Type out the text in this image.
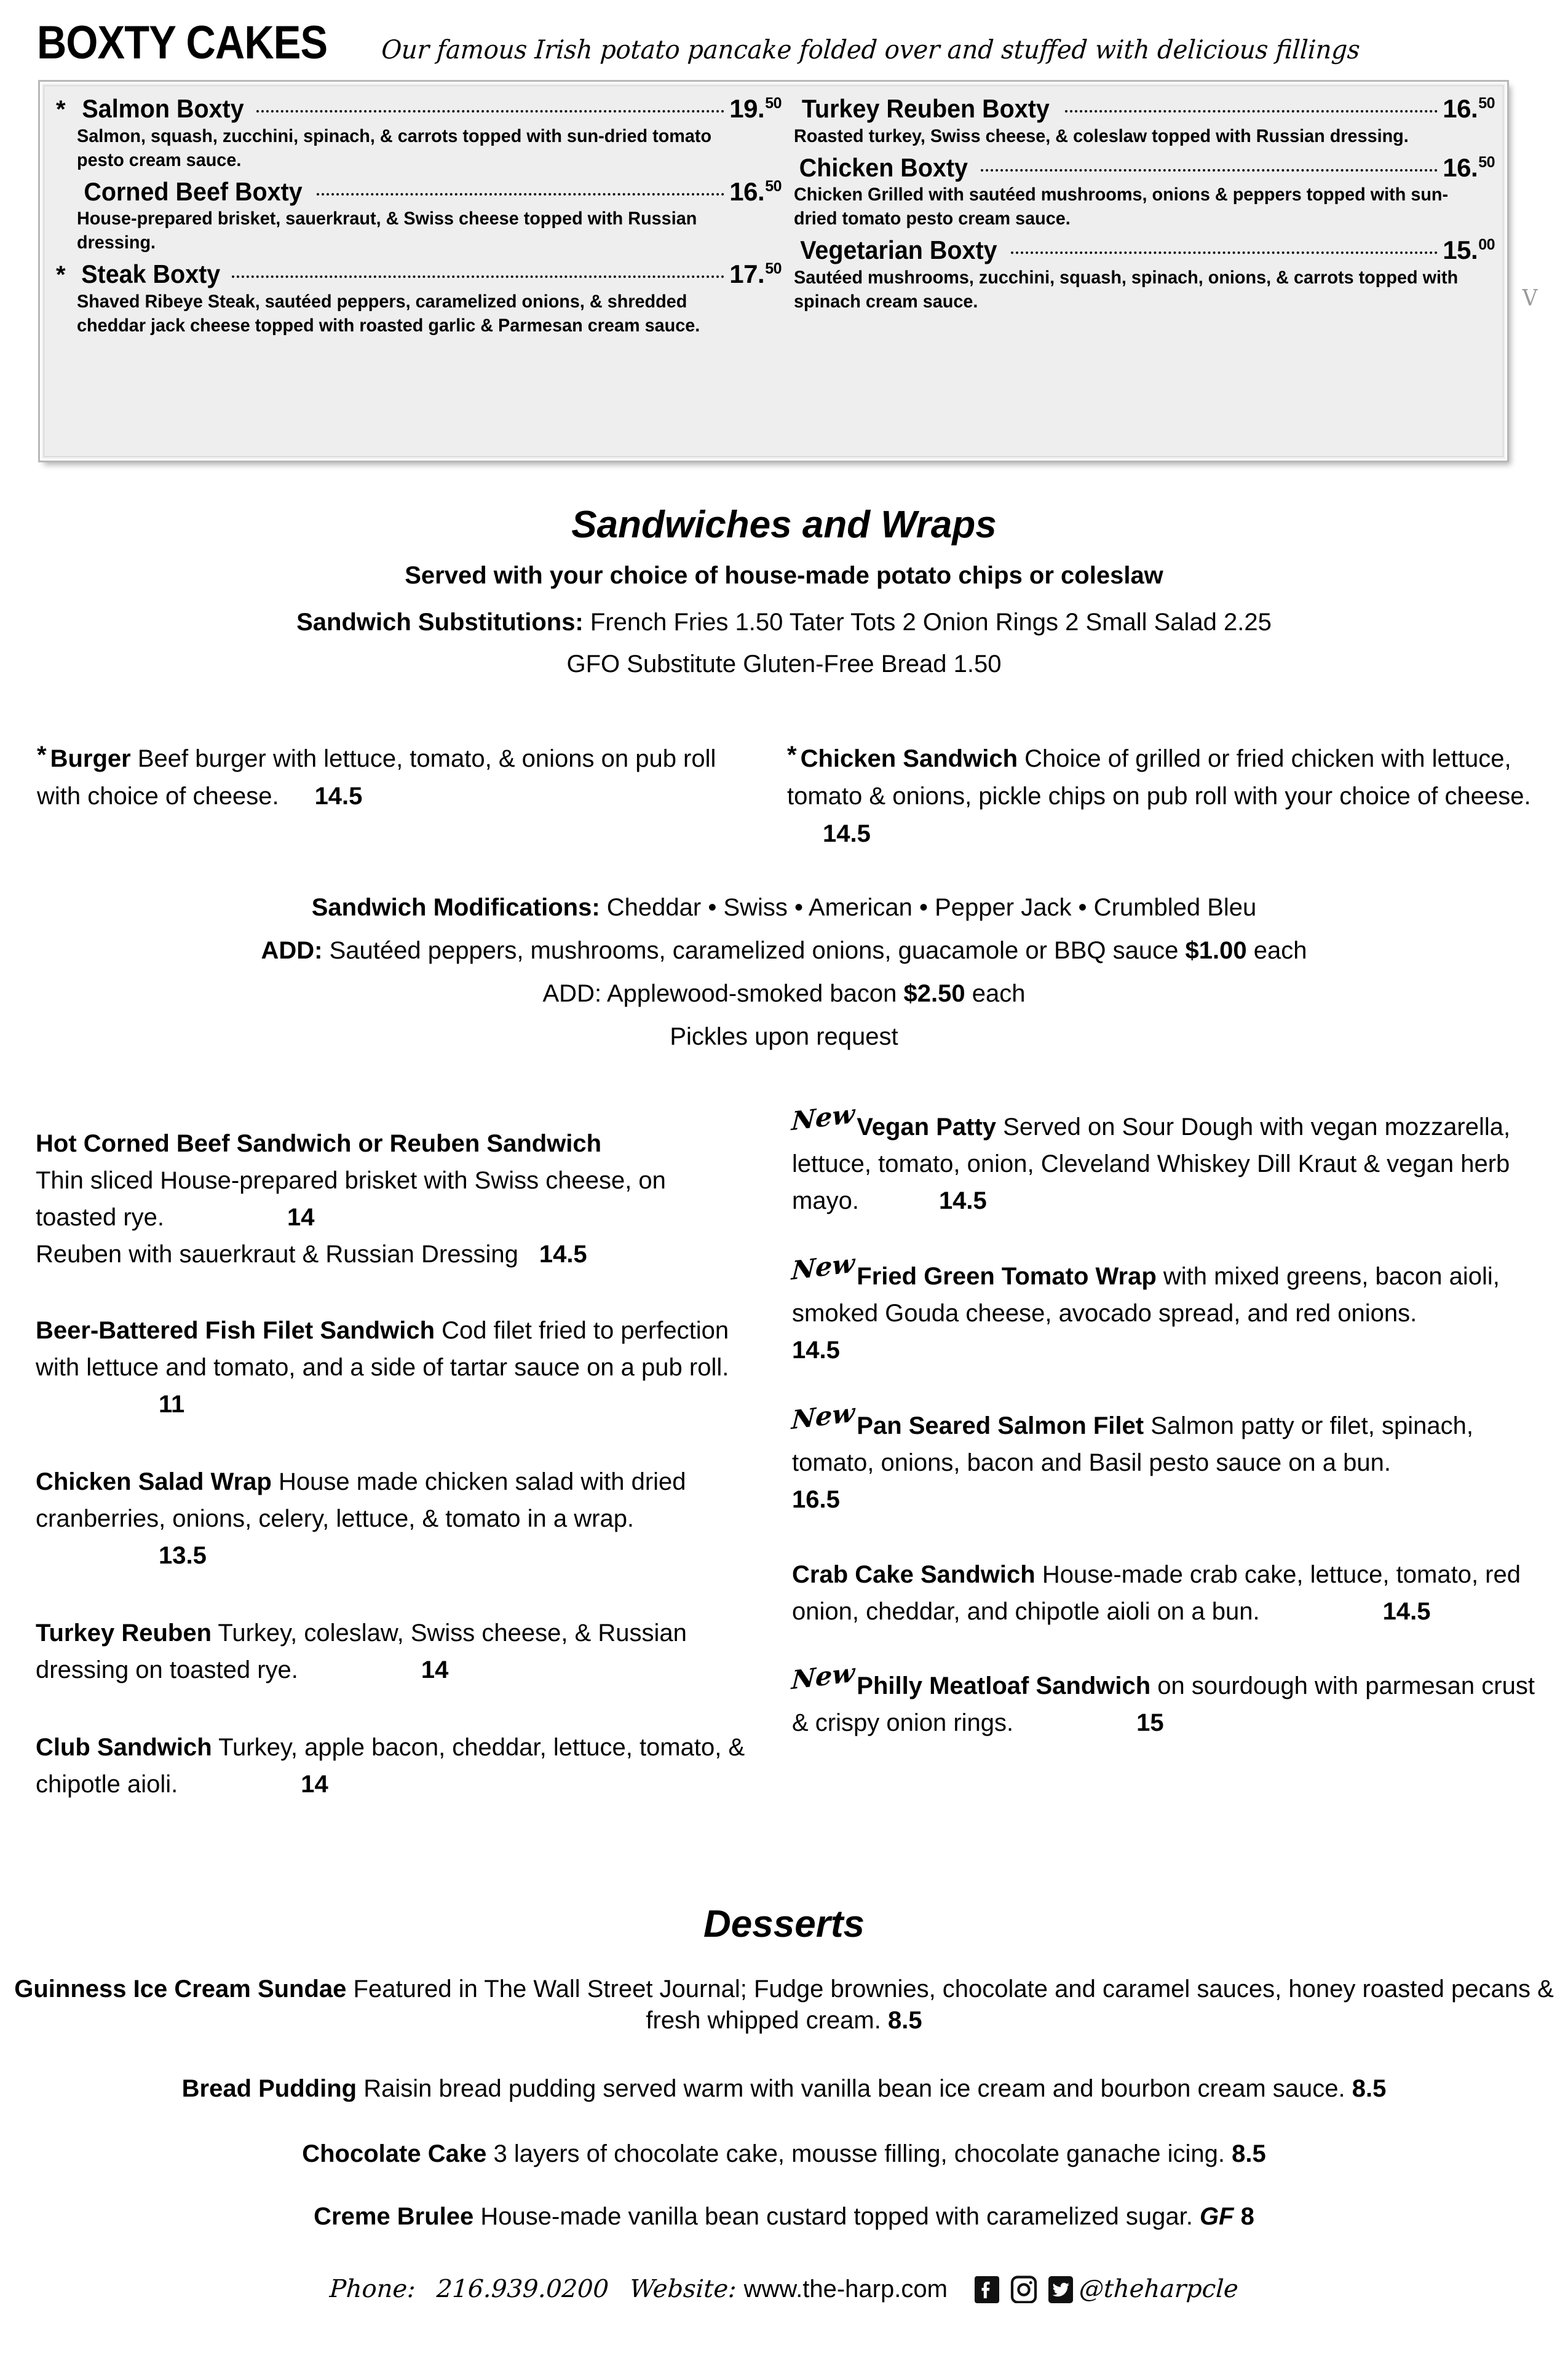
BOXTY CAKES Our famous Irish potato pancake folded over and stuffed with delicious fillings
* Salmon Boxty	19.50
Salmon, squash, zucchini, spinach, & carrots topped with sun-dried tomato pesto cream sauce.
Corned Beef Boxty	16.50
House-prepared brisket, sauerkraut, & Swiss cheese topped with Russian dressing.
* Steak Boxty	17.50
Shaved Ribeye Steak, sautéed peppers, caramelized onions, & shredded cheddar jack cheese topped with roasted garlic & Parmesan cream sauce.
Turkey Reuben Boxty	16.50
Roasted turkey, Swiss cheese, & coleslaw topped with Russian dressing.
Chicken Boxty	16.50
Chicken Grilled with sautéed mushrooms, onions & peppers topped with sun-dried tomato pesto cream sauce.
Vegetarian Boxty	15.00
Sautéed mushrooms, zucchini, squash, spinach, onions, & carrots topped with spinach cream sauce.	V
Sandwiches and Wraps
Served with your choice of house-made potato chips or coleslaw
Sandwich Substitutions: French Fries 1.50 Tater Tots 2 Onion Rings 2 Small Salad 2.25
GFO Substitute Gluten-Free Bread 1.50
* Burger Beef burger with lettuce, tomato, & onions on pub roll with choice of cheese. 14.5
* Chicken Sandwich Choice of grilled or fried chicken with lettuce, tomato & onions, pickle chips on pub roll with your choice of cheese.14.5
Sandwich Modifications: Cheddar • Swiss • American • Pepper Jack • Crumbled Bleu
ADD: Sautéed peppers, mushrooms, caramelized onions, guacamole or BBQ sauce $1.00 each
ADD: Applewood-smoked bacon $2.50 each
Pickles upon request
Hot Corned Beef Sandwich or Reuben Sandwich
Thin sliced House-prepared brisket with Swiss cheese, on toasted rye.	14
Reuben with sauerkraut & Russian Dressing 14.5
Beer-Battered Fish Filet Sandwich Cod filet fried to perfection with lettuce and tomato, and a side of tartar sauce on a pub roll.11
Chicken Salad Wrap House made chicken salad with dried cranberries, onions, celery, lettuce, & tomato in a wrap.13.5
Turkey Reuben Turkey, coleslaw, Swiss cheese, & Russian dressing on toasted rye.	14
Club Sandwich Turkey, apple bacon, cheddar, lettuce, tomato, & chipotle aioli.	14
NewVegan Patty Served on Sour Dough with vegan mozzarella, lettuce, tomato, onion, Cleveland Whiskey Dill Kraut & vegan herb mayo.	14.5
NewFried Green Tomato Wrap with mixed greens, bacon aioli, smoked Gouda cheese, avocado spread, and red onions.14.5
NewPan Seared Salmon Filet Salmon patty or filet, spinach, tomato, onions, bacon and Basil pesto sauce on a bun.16.5
Crab Cake Sandwich House-made crab cake, lettuce, tomato, red onion, cheddar, and chipotle aioli on a bun.	14.5
NewPhilly Meatloaf Sandwich on sourdough with parmesan crust & crispy onion rings.	15
Desserts
Guinness Ice Cream Sundae Featured in The Wall Street Journal; Fudge brownies, chocolate and caramel sauces, honey roasted pecans & fresh whipped cream. 8.5
Bread Pudding Raisin bread pudding served warm with vanilla bean ice cream and bourbon cream sauce. 8.5
Chocolate Cake 3 layers of chocolate cake, mousse filling, chocolate ganache icing. 8.5
Creme Brulee House-made vanilla bean custard topped with caramelized sugar. GF 8
Phone: 216.939.0200 Website: www.the-harp.com	@theharpcle
